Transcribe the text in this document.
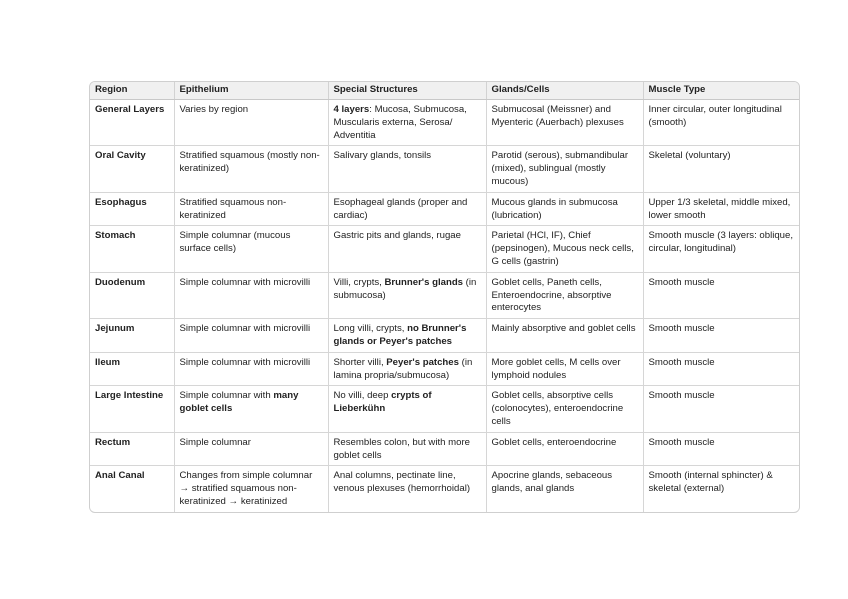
Region	Epithelium	Special Structures	Glands/Cells	Muscle Type
General Layers	Varies by region	4 layers: Mucosa, Submucosa, Muscularis externa, Serosa/ Adventitia	Submucosal (Meissner) and Myenteric (Auerbach) plexuses	Inner circular, outer longitudinal (smooth)
Oral Cavity	Stratified squamous (mostly non-keratinized)	Salivary glands, tonsils	Parotid (serous), submandibular (mixed), sublingual (mostly mucous)	Skeletal (voluntary)
Esophagus	Stratified squamous non-keratinized	Esophageal glands (proper and cardiac)	Mucous glands in submucosa (lubrication)	Upper 1/3 skeletal, middle mixed, lower smooth
Stomach	Simple columnar (mucous surface cells)	Gastric pits and glands, rugae	Parietal (HCl, IF), Chief (pepsinogen), Mucous neck cells, G cells (gastrin)	Smooth muscle (3 layers: oblique, circular, longitudinal)
Duodenum	Simple columnar with microvilli	Villi, crypts, Brunner's glands (in submucosa)	Goblet cells, Paneth cells, Enteroendocrine, absorptive enterocytes	Smooth muscle
Jejunum	Simple columnar with microvilli	Long villi, crypts, no Brunner's glands or Peyer's patches	Mainly absorptive and goblet cells	Smooth muscle
Ileum	Simple columnar with microvilli	Shorter villi, Peyer's patches (in lamina propria/submucosa)	More goblet cells, M cells over lymphoid nodules	Smooth muscle
Large Intestine	Simple columnar with many goblet cells	No villi, deep crypts of Lieberkühn	Goblet cells, absorptive cells (colonocytes), enteroendocrine cells	Smooth muscle
Rectum	Simple columnar	Resembles colon, but with more goblet cells	Goblet cells, enteroendocrine	Smooth muscle
Anal Canal	Changes from simple columnar → stratified squamous non-keratinized → keratinized	Anal columns, pectinate line, venous plexuses (hemorrhoidal)	Apocrine glands, sebaceous glands, anal glands	Smooth (internal sphincter) & skeletal (external)
